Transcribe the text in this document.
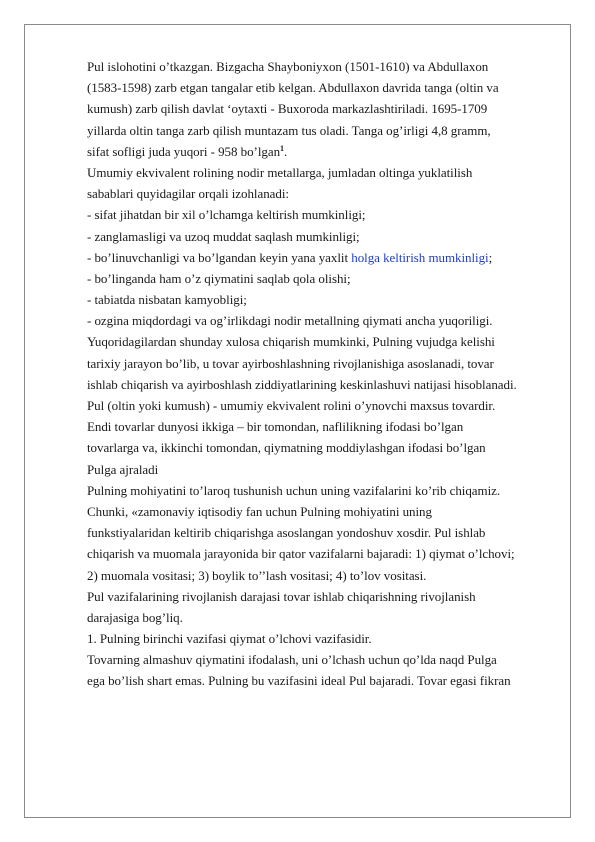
Pul islohotini o’tkazgan. Bizgacha Shayboniyxon (1501-1610) va Abdullaxon
(1583-1598) zarb etgan tangalar etib kelgan. Abdullaxon davrida tanga (oltin va
kumush) zarb qilish davlat ‘oytaxti - Buxoroda markazlashtiriladi. 1695-1709
yillarda oltin tanga zarb qilish muntazam tus oladi. Tanga og’irligi 4,8 gramm,
sifat sofligi juda yuqori - 958 bo’lgan$^1$.
Umumiy ekvivalent rolining nodir metallarga, jumladan oltinga yuklatilish
sabablari quyidagilar orqali izohlanadi:
- sifat jihatdan bir xil o’lchamga keltirish mumkinligi;
- zanglamasligi va uzoq muddat saqlash mumkinligi;
- bo’linuvchanligi va bo’lgandan keyin yana yaxlit holga keltirish mumkinligi;
- bo’linganda ham o’z qiymatini saqlab qola olishi;
- tabiatda nisbatan kamyobligi;
- ozgina miqdordagi va og’irlikdagi nodir metallning qiymati ancha yuqoriligi.
Yuqoridagilardan shunday xulosa chiqarish mumkinki, Pulning vujudga kelishi
tarixiy jarayon bo’lib, u tovar ayirboshlashning rivojlanishiga asoslanadi, tovar
ishlab chiqarish va ayirboshlash ziddiyatlarining keskinlashuvi natijasi hisoblanadi.
Pul (oltin yoki kumush) - umumiy ekvivalent rolini o’ynovchi maxsus tovardir.
Endi tovarlar dunyosi ikkiga – bir tomondan, naflilikning ifodasi bo’lgan
tovarlarga va, ikkinchi tomondan, qiymatning moddiylashgan ifodasi bo’lgan
Pulga ajraladi
Pulning mohiyatini to’laroq tushunish uchun uning vazifalarini ko’rib chiqamiz.
Chunki, «zamonaviy iqtisodiy fan uchun Pulning mohiyatini uning
funkstiyalaridan keltirib chiqarishga asoslangan yondoshuv xosdir. Pul ishlab
chiqarish va muomala jarayonida bir qator vazifalarni bajaradi: 1) qiymat o’lchovi;
2) muomala vositasi; 3) boylik to’’lash vositasi; 4) to’lov vositasi.
Pul vazifalarining rivojlanish darajasi tovar ishlab chiqarishning rivojlanish
darajasiga bog’liq.
1. Pulning birinchi vazifasi qiymat o’lchovi vazifasidir.
Tovarning almashuv qiymatini ifodalash, uni o’lchash uchun qo’lda naqd Pulga
ega bo’lish shart emas. Pulning bu vazifasini ideal Pul bajaradi. Tovar egasi fikran
